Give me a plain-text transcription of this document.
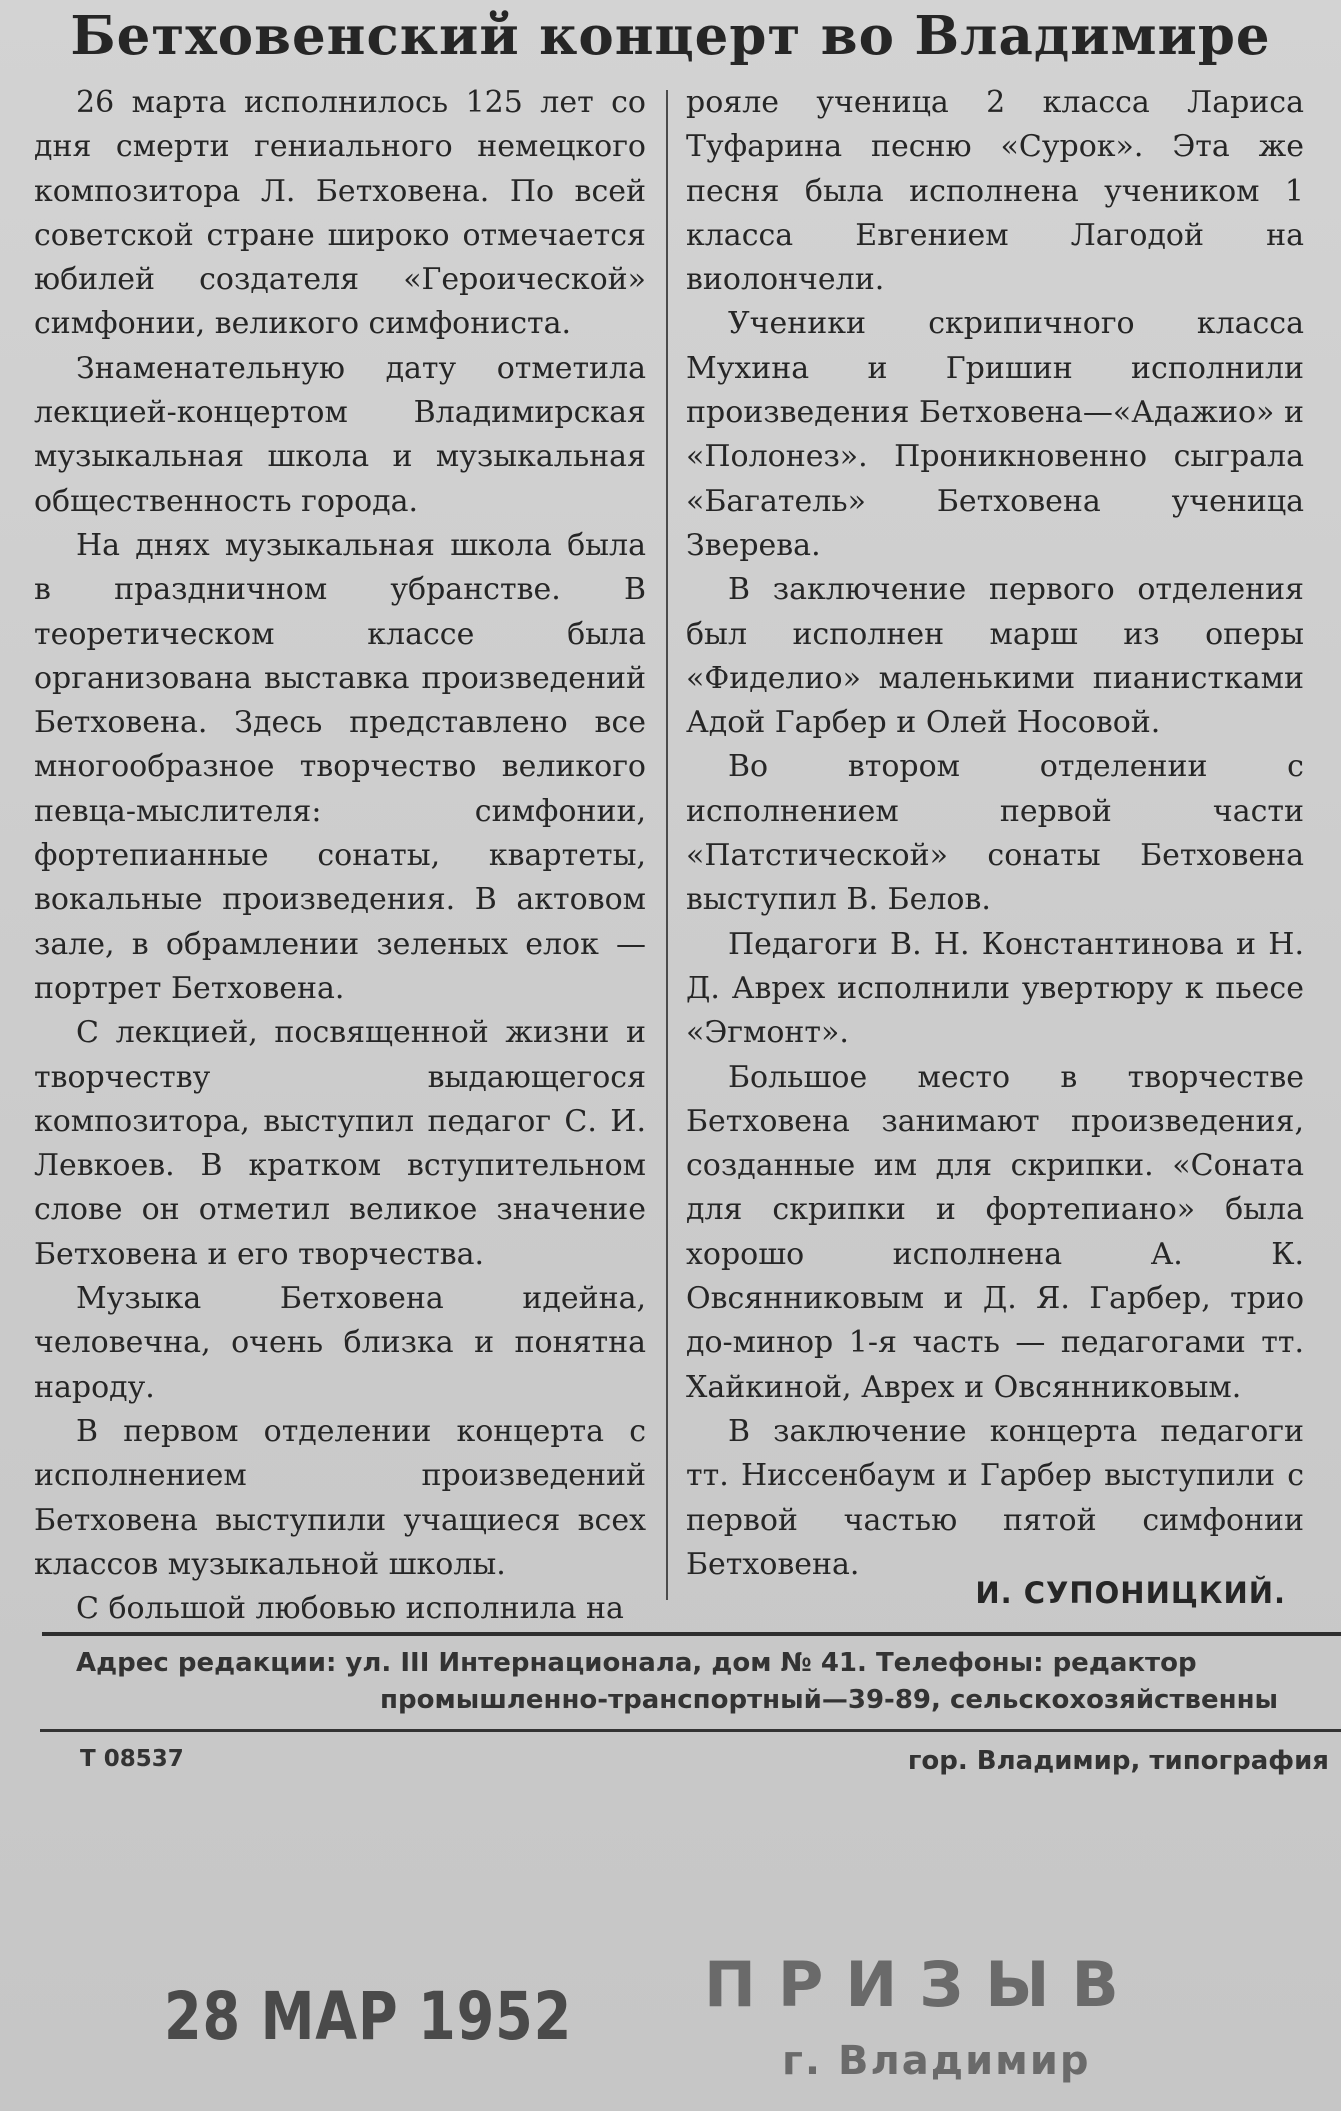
Бетховенский концерт во Владимире

26 марта исполнилось 125 лет со дня смерти гениального немецкого композитора Л. Бетховена. По всей советской стране широко отмечается юбилей создателя «Героической» симфонии, великого симфониста.

Знаменательную дату отметила лекцией-концертом Владимирская музыкальная школа и музыкальная общественность города.

На днях музыкальная школа была в праздничном убранстве. В теоретическом классе была организована выставка произведений Бетховена. Здесь представлено все многообразное творчество великого певца-мыслителя: симфонии, фортепианные сонаты, квартеты, вокальные произведения. В актовом зале, в обрамлении зеленых елок — портрет Бетховена.

С лекцией, посвященной жизни и творчеству выдающегося композитора, выступил педагог С. И. Левкоев. В кратком вступительном слове он отметил великое значение Бетховена и его творчества.

Музыка Бетховена идейна, человечна, очень близка и понятна народу.

В первом отделении концерта с исполнением произведений Бетховена выступили учащиеся всех классов музыкальной школы.

С большой любовью исполнила на

рояле ученица 2 класса Лариса Туфарина песню «Сурок». Эта же песня была исполнена учеником 1 класса Евгением Лагодой на виолончели.

Ученики скрипичного класса Мухина и Гришин исполнили произведения Бетховена—«Адажио» и «Полонез». Проникновенно сыграла «Багатель» Бетховена ученица Зверева.

В заключение первого отделения был исполнен марш из оперы «Фиделио» маленькими пианистками Адой Гарбер и Олей Носовой.

Во втором отделении с исполнением первой части «Патстической» сонаты Бетховена выступил В. Белов.

Педагоги В. Н. Константинова и Н. Д. Аврех исполнили увертюру к пьесе «Эгмонт».

Большое место в творчестве Бетховена занимают произведения, созданные им для скрипки. «Соната для скрипки и фортепиано» была хорошо исполнена А. К. Овсянниковым и Д. Я. Гарбер, трио до-минор 1-я часть — педагогами тт. Хайкиной, Аврех и Овсянниковым.

В заключение концерта педагоги тт. Ниссенбаум и Гарбер выступили с первой частью пятой симфонии Бетховена.

И. СУПОНИЦКИЙ.
Адрес редакции: ул. III Интернационала, дом № 41. Телефоны: редактор
промышленно-транспортный—39-89, сельскохозяйственны
Т 08537	гор. Владимир, типография
28 МАР 1952 ПРИЗЫВ
г. Владимир
